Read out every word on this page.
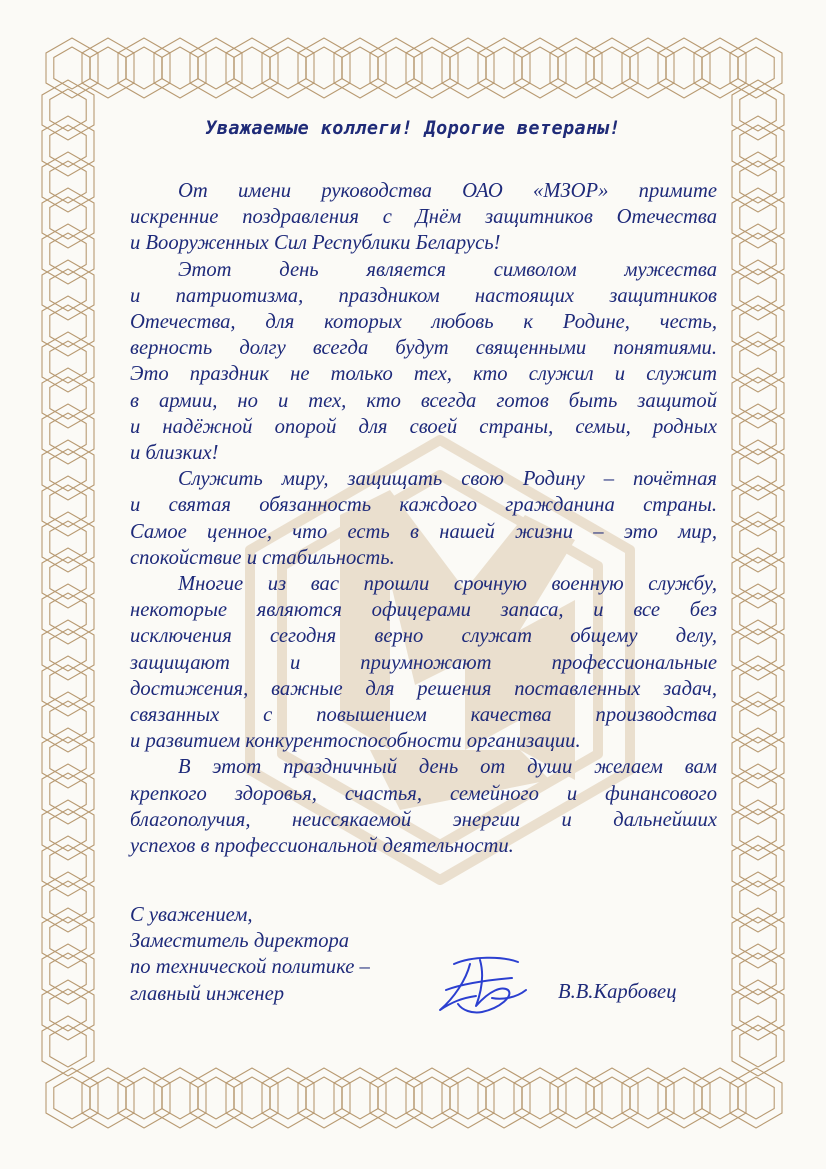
Уважаемые коллеги! Дорогие ветераны!
От имени руководства ОАО «МЗОР» примите
искренние поздравления с Днём защитников Отечества
и Вооруженных Сил Республики Беларусь!
Этот день является символом мужества
и патриотизма, праздником настоящих защитников
Отечества, для которых любовь к Родине, честь,
верность долгу всегда будут священными понятиями.
Это праздник не только тех, кто служил и служит
в армии, но и тех, кто всегда готов быть защитой
и надёжной опорой для своей страны, семьи, родных
и близких!
Служить миру, защищать свою Родину – почётная
и святая обязанность каждого гражданина страны.
Самое ценное, что есть в нашей жизни – это мир,
спокойствие и стабильность.
Многие из вас прошли срочную военную службу,
некоторые являются офицерами запаса, и все без
исключения сегодня верно служат общему делу,
защищают и приумножают профессиональные
достижения, важные для решения поставленных задач,
связанных с повышением качества производства
и развитием конкурентоспособности организации.
В этот праздничный день от души желаем вам
крепкого здоровья, счастья, семейного и финансового
благополучия, неиссякаемой энергии и дальнейших
успехов в профессиональной деятельности.
С уважением,
Заместитель директора
по технической политике –
главный инженер	В.В.Карбовец
